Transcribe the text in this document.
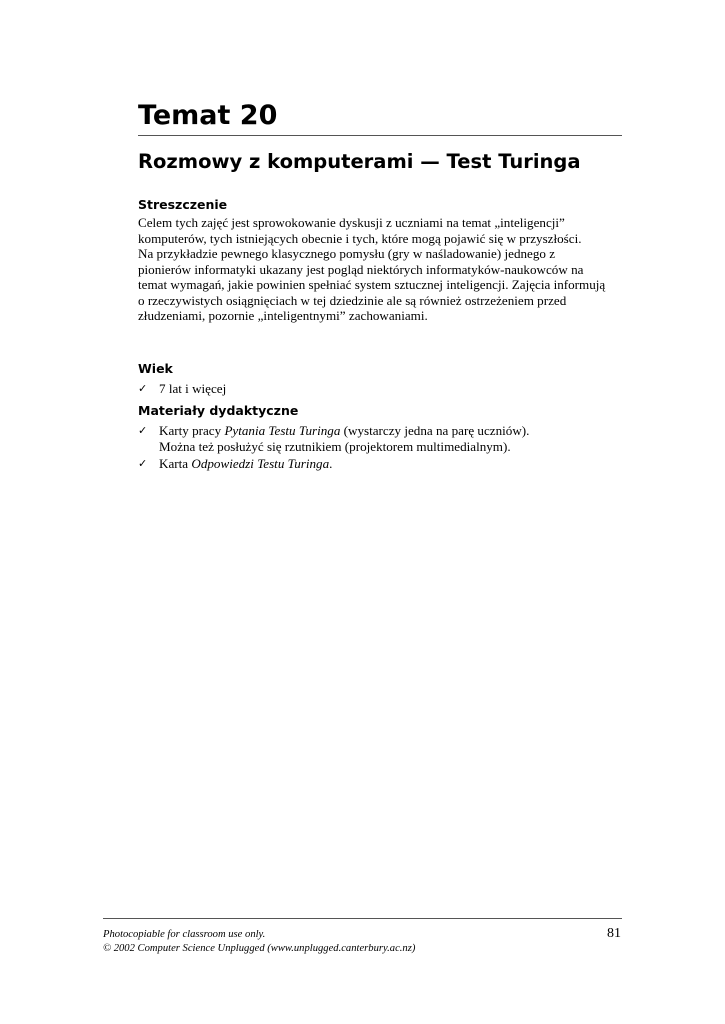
Temat 20
Rozmowy z komputerami — Test Turinga
Streszczenie

Celem tych zajęć jest sprowokowanie dyskusji z uczniami na temat „inteligencji”
komputerów, tych istniejących obecnie i tych, które mogą pojawić się w przyszłości.
Na przykładzie pewnego klasycznego pomysłu (gry w naśladowanie) jednego z
pionierów informatyki ukazany jest pogląd niektórych informatyków-naukowców na
temat wymagań, jakie powinien spełniać system sztucznej inteligencji. Zajęcia informują
o rzeczywistych osiągnięciach w tej dziedzinie ale są również ostrzeżeniem przed
złudzeniami, pozornie „inteligentnymi” zachowaniami.

Wiek
✓ 7 lat i więcej
Materiały dydaktyczne
✓ Karty pracy Pytania Testu Turinga (wystarczy jedna na parę uczniów).
Można też posłużyć się rzutnikiem (projektorem multimedialnym).
✓ Karta Odpowiedzi Testu Turinga.

Photocopiable for classroom use only.

© 2002 Computer Science Unplugged (www.unplugged.canterbury.ac.nz)

81
